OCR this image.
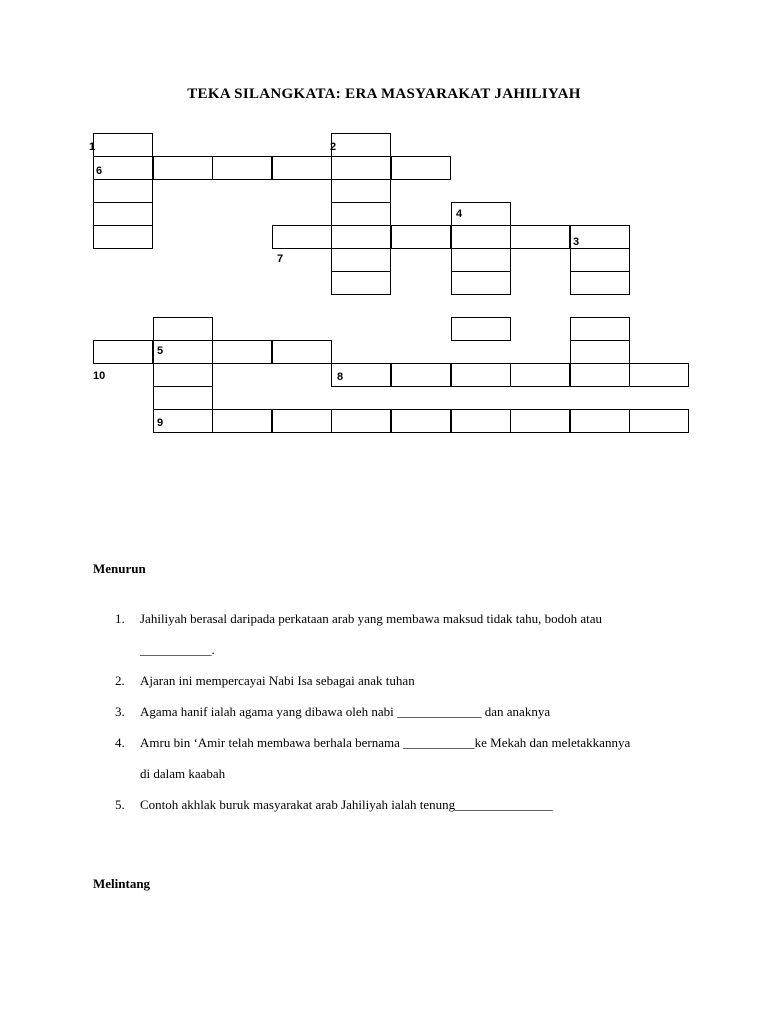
TEKA SILANGKATA: ERA MASYARAKAT JAHILIYAH
1	2
6
4
3
7
5
10	8
9
Menurun
1. Jahiliyah berasal daripada perkataan arab yang membawa maksud tidak tahu, bodoh atau
___________.
2. Ajaran ini mempercayai Nabi Isa sebagai anak tuhan
3. Agama hanif ialah agama yang dibawa oleh nabi _____________ dan anaknya
4. Amru bin ‘Amir telah membawa berhala bernama ___________ke Mekah dan meletakkannya
di dalam kaabah
5. Contoh akhlak buruk masyarakat arab Jahiliyah ialah tenung_______________
Melintang
